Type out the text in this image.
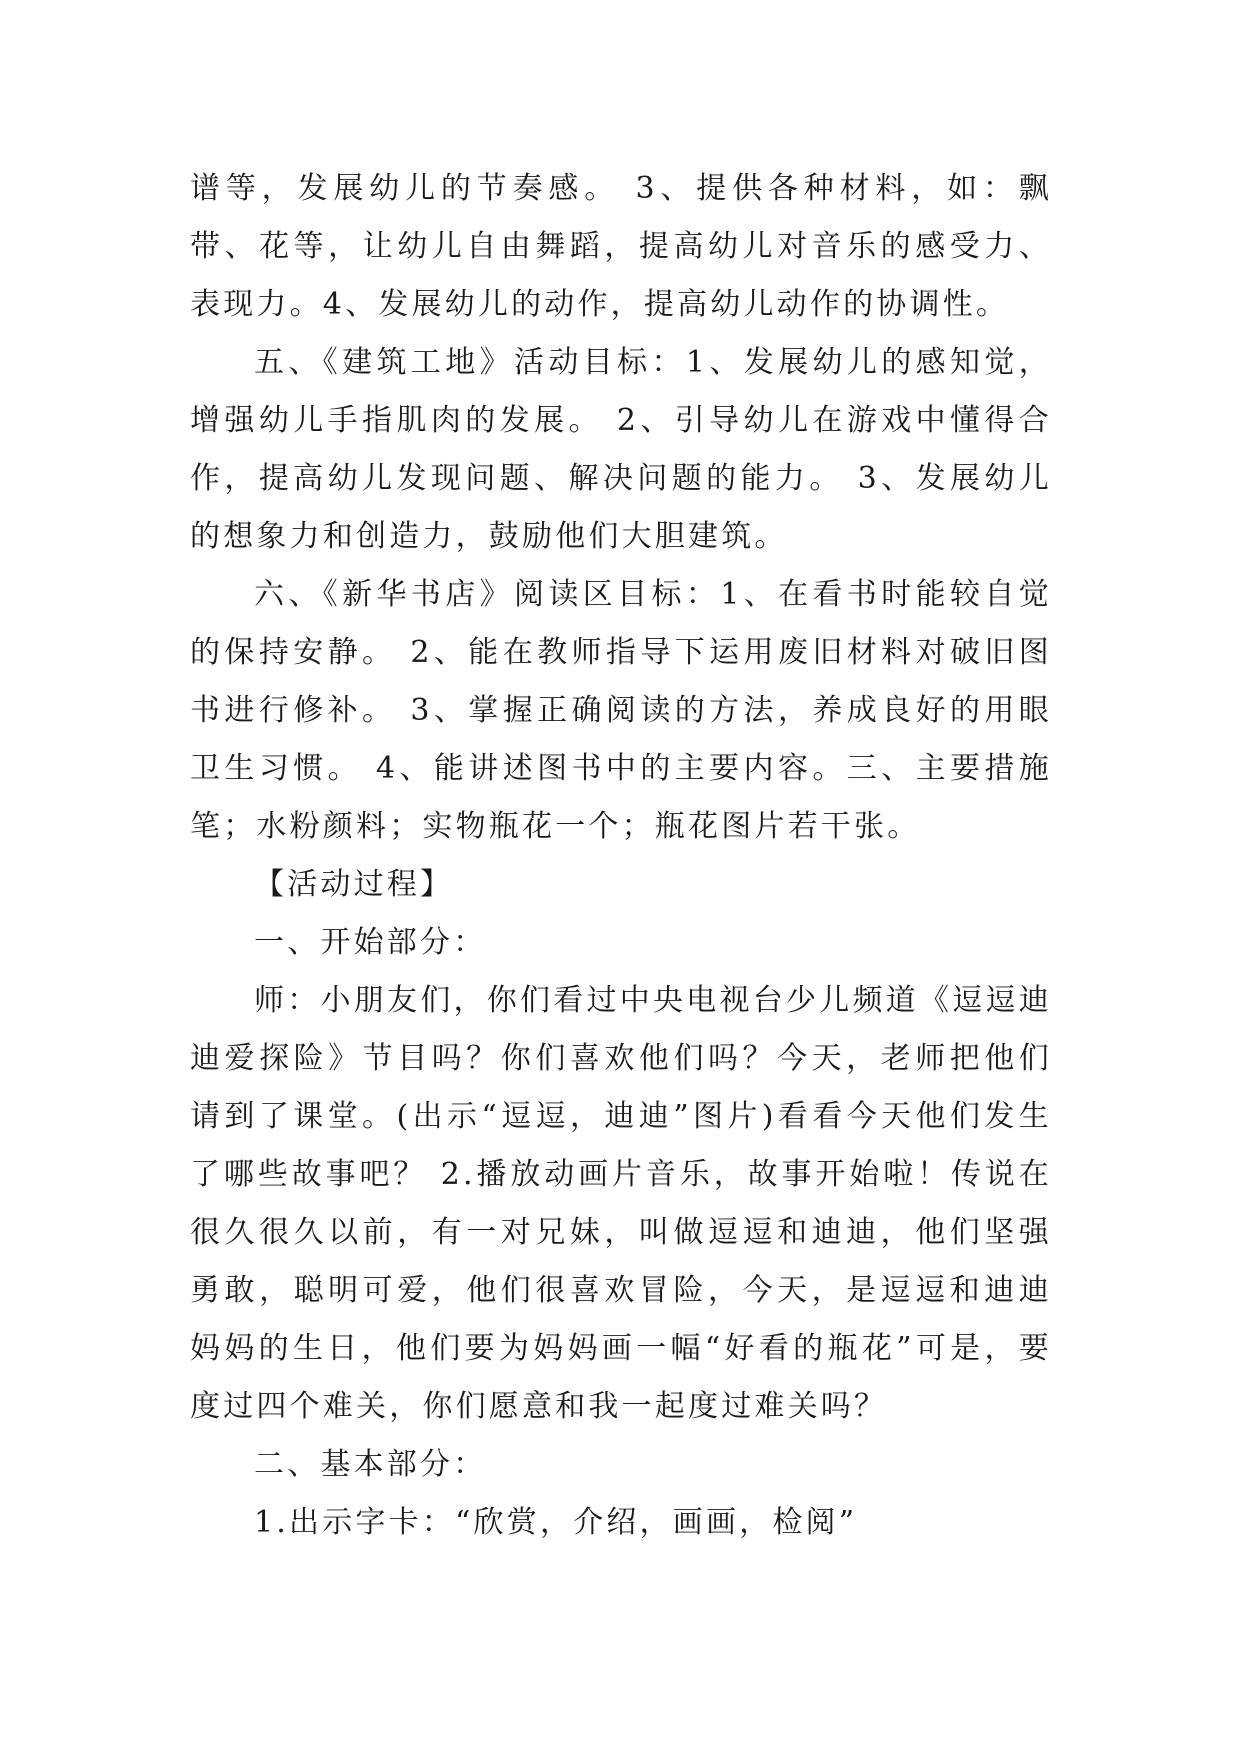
谱等，发展幼儿的节奏感。 3、提供各种材料，如：飘带、花等，让幼儿自由舞蹈，提高幼儿对音乐的感受力、表现力。4、发展幼儿的动作，提高幼儿动作的协调性。

五、《建筑工地》活动目标：1、发展幼儿的感知觉，增强幼儿手指肌肉的发展。 2、引导幼儿在游戏中懂得合作，提高幼儿发现问题、解决问题的能力。 3、发展幼儿的想象力和创造力，鼓励他们大胆建筑。

六、《新华书店》阅读区目标：1、在看书时能较自觉的保持安静。 2、能在教师指导下运用废旧材料对破旧图书进行修补。 3、掌握正确阅读的方法，养成良好的用眼卫生习惯。 4、能讲述图书中的主要内容。三、主要措施笔；水粉颜料；实物瓶花一个；瓶花图片若干张。

【活动过程】

一、开始部分：

师：小朋友们，你们看过中央电视台少儿频道《逗逗迪迪爱探险》节目吗？你们喜欢他们吗？今天，老师把他们请到了课堂。(出示“逗逗，迪迪”图片)看看今天他们发生了哪些故事吧？ 2.播放动画片音乐，故事开始啦！传说在很久很久以前，有一对兄妹，叫做逗逗和迪迪，他们坚强勇敢，聪明可爱，他们很喜欢冒险，今天，是逗逗和迪迪妈妈的生日，他们要为妈妈画一幅“好看的瓶花”可是，要度过四个难关，你们愿意和我一起度过难关吗？

二、基本部分：

1.出示字卡：“欣赏，介绍，画画，检阅”
